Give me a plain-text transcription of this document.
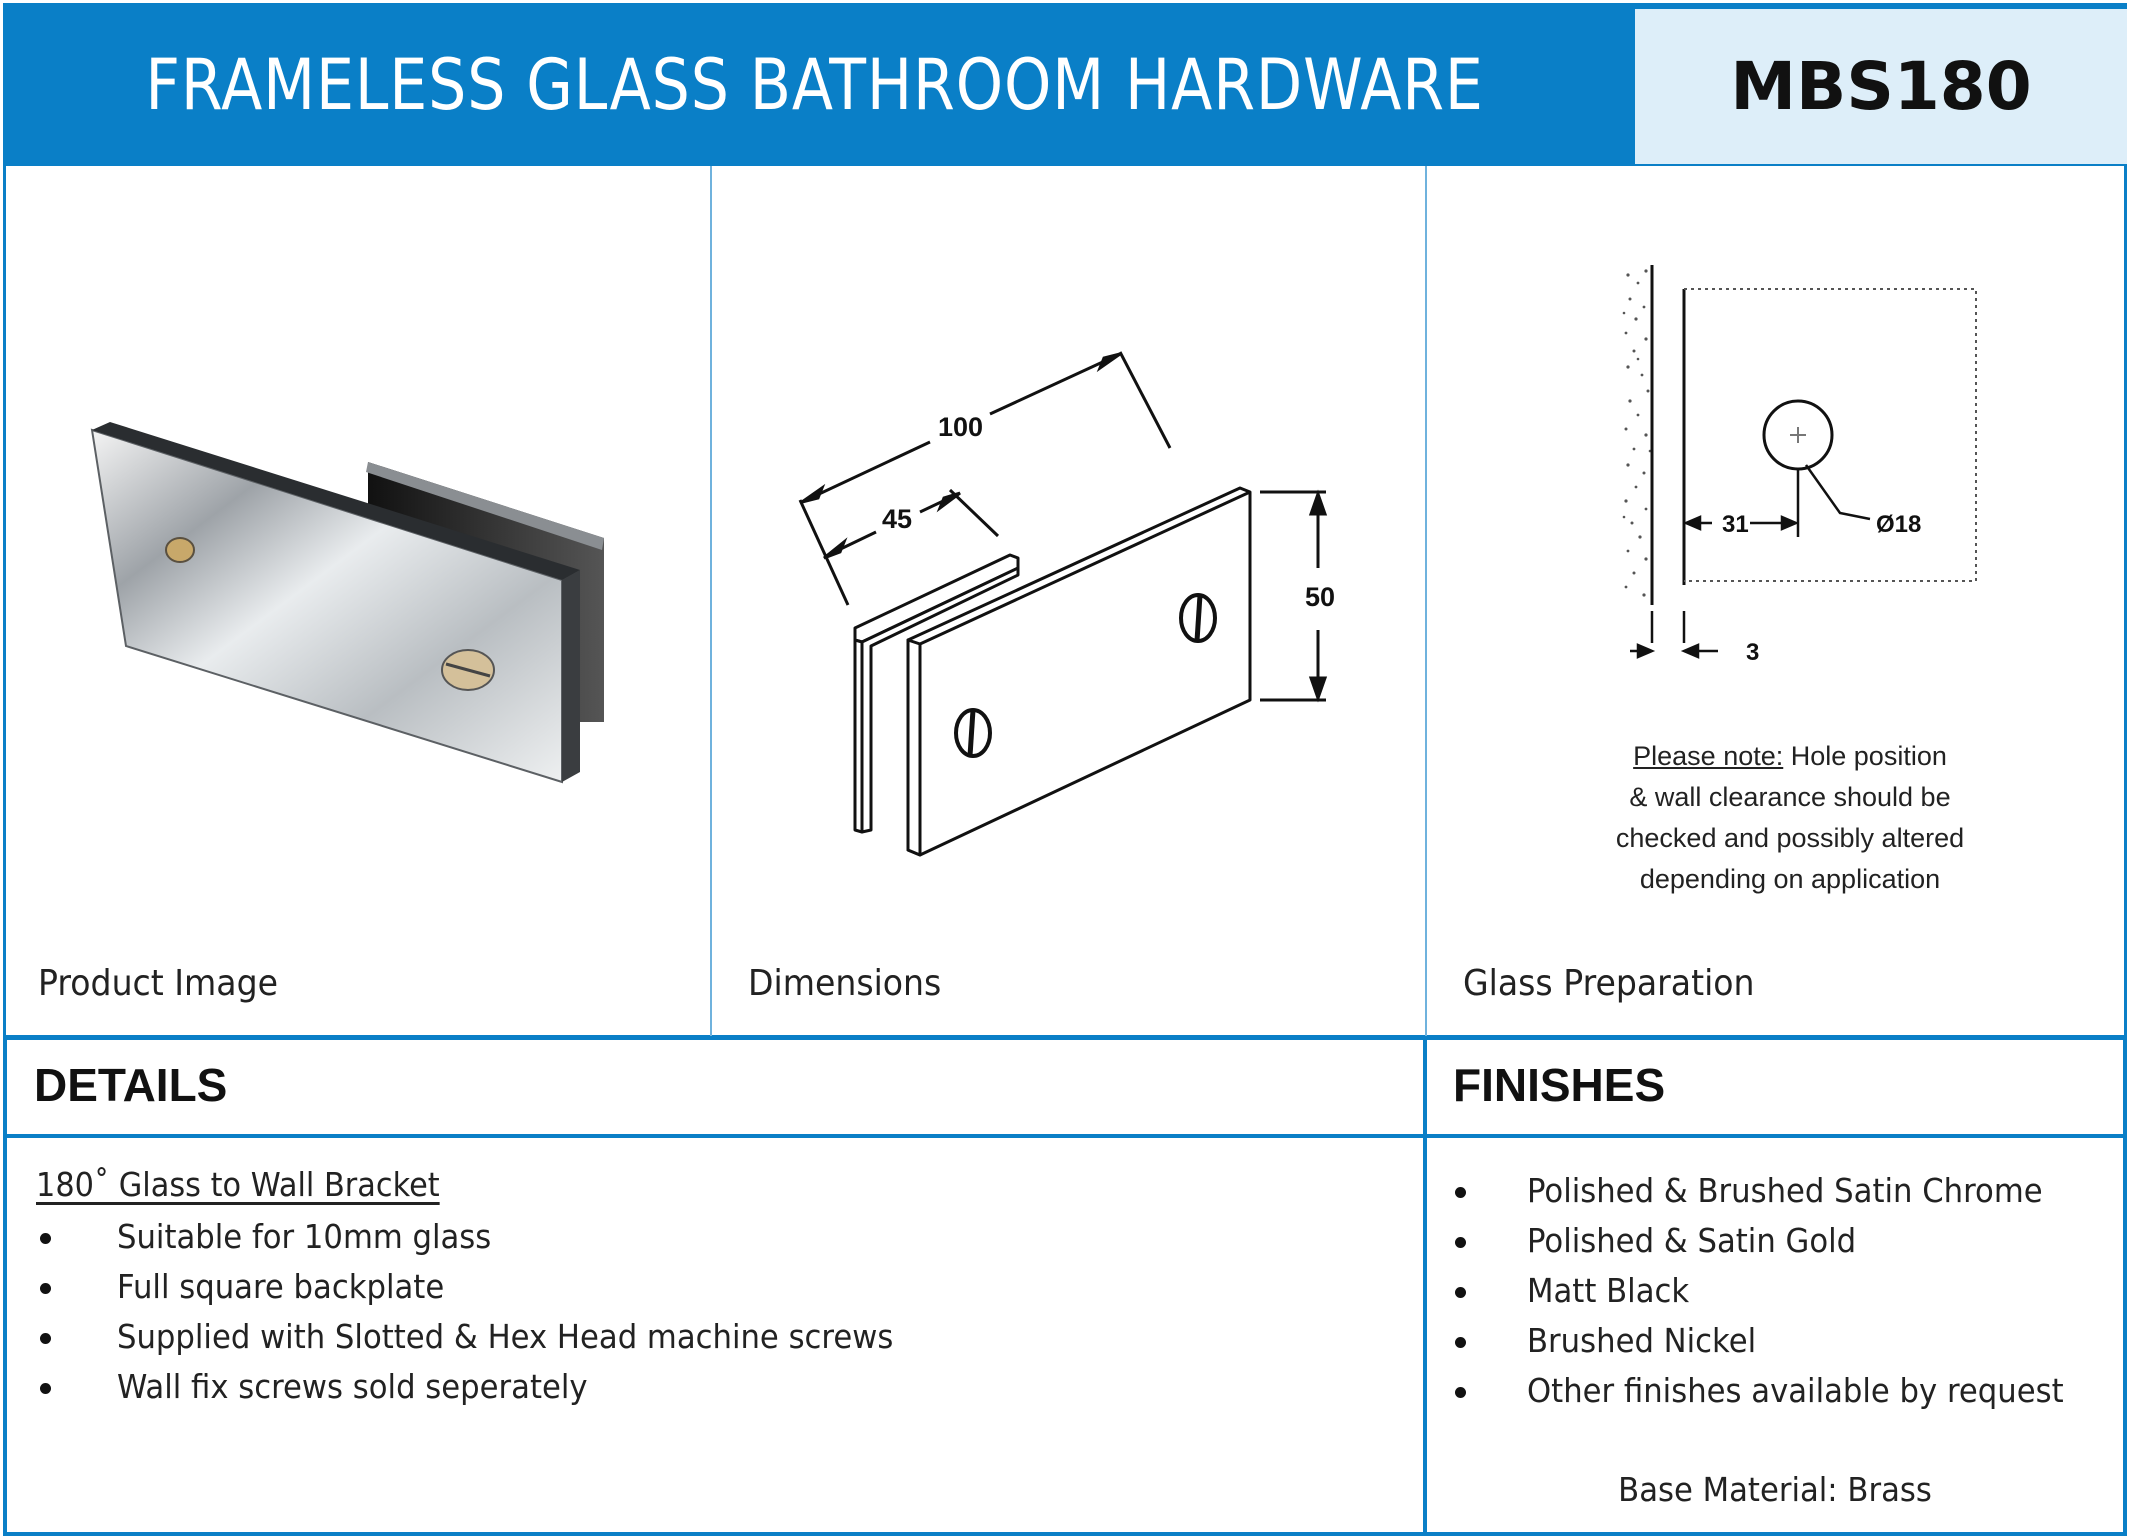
FRAMELESS GLASS BATHROOM HARDWARE	MBS180
Product Image
100
45
50
Dimensions
31	Ø18
3
Please note: Hole position
& wall clearance should be
checked and possibly altered
depending on application
Glass Preparation
DETAILS	FINISHES
180˚ Glass to Wall Bracket
Suitable for 10mm glass
Full square backplate
Supplied with Slotted & Hex Head machine screws
Wall fix screws sold seperately
Polished & Brushed Satin Chrome
Polished & Satin Gold
Matt Black
Brushed Nickel
Other finishes available by request
Base Material: Brass
